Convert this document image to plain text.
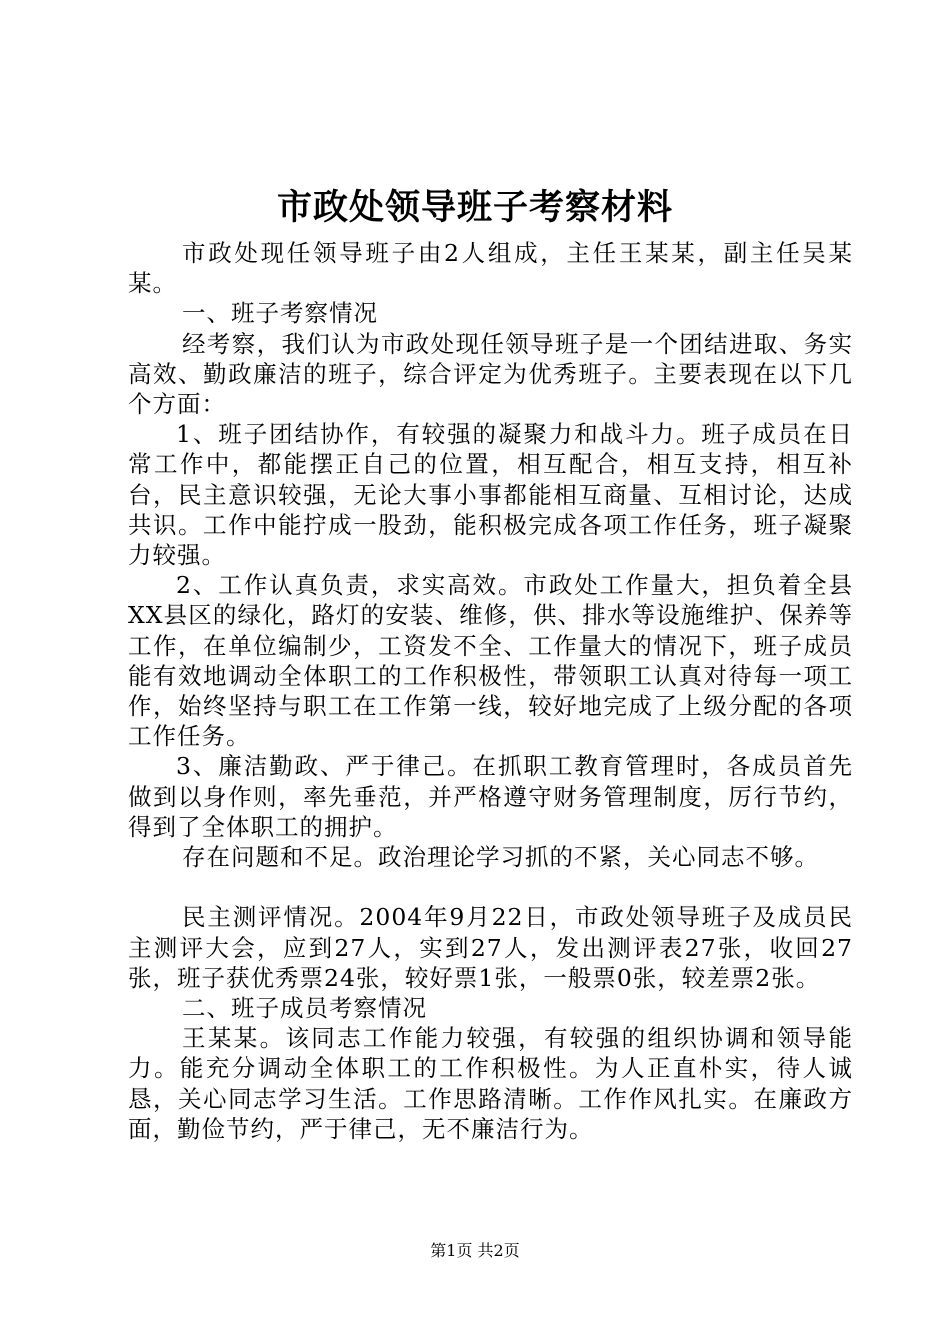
市政处领导班子考察材料

市政处现任领导班子由2人组成，主任王某某，副主任吴某某。

一、班子考察情况

经考察，我们认为市政处现任领导班子是一个团结进取、务实高效、勤政廉洁的班子，综合评定为优秀班子。主要表现在以下几个方面：

1、班子团结协作，有较强的凝聚力和战斗力。班子成员在日常工作中，都能摆正自己的位置，相互配合，相互支持，相互补台，民主意识较强，无论大事小事都能相互商量、互相讨论，达成共识。工作中能拧成一股劲，能积极完成各项工作任务，班子凝聚力较强。

2、工作认真负责，求实高效。市政处工作量大，担负着全县XX县区的绿化，路灯的安装、维修，供、排水等设施维护、保养等工作，在单位编制少，工资发不全、工作量大的情况下，班子成员能有效地调动全体职工的工作积极性，带领职工认真对待每一项工作，始终坚持与职工在工作第一线，较好地完成了上级分配的各项工作任务。

3、廉洁勤政、严于律己。在抓职工教育管理时，各成员首先做到以身作则，率先垂范，并严格遵守财务管理制度，厉行节约，得到了全体职工的拥护。

存在问题和不足。政治理论学习抓的不紧，关心同志不够。

民主测评情况。2004年9月22日，市政处领导班子及成员民主测评大会，应到27人，实到27人，发出测评表27张，收回27张，班子获优秀票24张，较好票1张，一般票0张，较差票2张。

二、班子成员考察情况

王某某。该同志工作能力较强，有较强的组织协调和领导能力。能充分调动全体职工的工作积极性。为人正直朴实，待人诚恳，关心同志学习生活。工作思路清晰。工作作风扎实。在廉政方面，勤俭节约，严于律己，无不廉洁行为。

第1页 共2页
